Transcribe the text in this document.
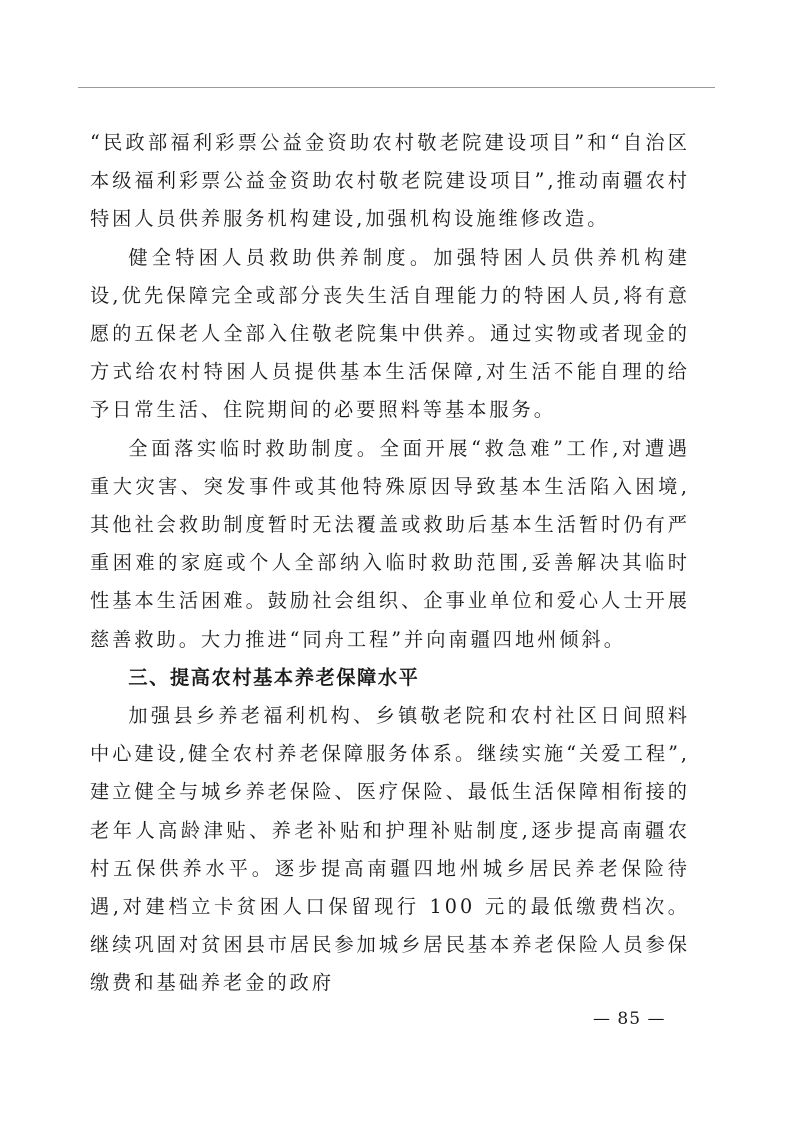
“民政部福利彩票公益金资助农村敬老院建设项目”和“自治区本级福利彩票公益金资助农村敬老院建设项目”,推动南疆农村特困人员供养服务机构建设,加强机构设施维修改造。

健全特困人员救助供养制度。加强特困人员供养机构建设,优先保障完全或部分丧失生活自理能力的特困人员,将有意愿的五保老人全部入住敬老院集中供养。通过实物或者现金的方式给农村特困人员提供基本生活保障,对生活不能自理的给予日常生活、住院期间的必要照料等基本服务。

全面落实临时救助制度。全面开展“救急难”工作,对遭遇重大灾害、突发事件或其他特殊原因导致基本生活陷入困境,其他社会救助制度暂时无法覆盖或救助后基本生活暂时仍有严重困难的家庭或个人全部纳入临时救助范围,妥善解决其临时性基本生活困难。鼓励社会组织、企事业单位和爱心人士开展慈善救助。大力推进“同舟工程”并向南疆四地州倾斜。

三、提高农村基本养老保障水平

加强县乡养老福利机构、乡镇敬老院和农村社区日间照料中心建设,健全农村养老保障服务体系。继续实施“关爱工程”,建立健全与城乡养老保险、医疗保险、最低生活保障相衔接的老年人高龄津贴、养老补贴和护理补贴制度,逐步提高南疆农村五保供养水平。逐步提高南疆四地州城乡居民养老保险待遇,对建档立卡贫困人口保留现行 100 元的最低缴费档次。继续巩固对贫困县市居民参加城乡居民基本养老保险人员参保缴费和基础养老金的政府

— 85 —
